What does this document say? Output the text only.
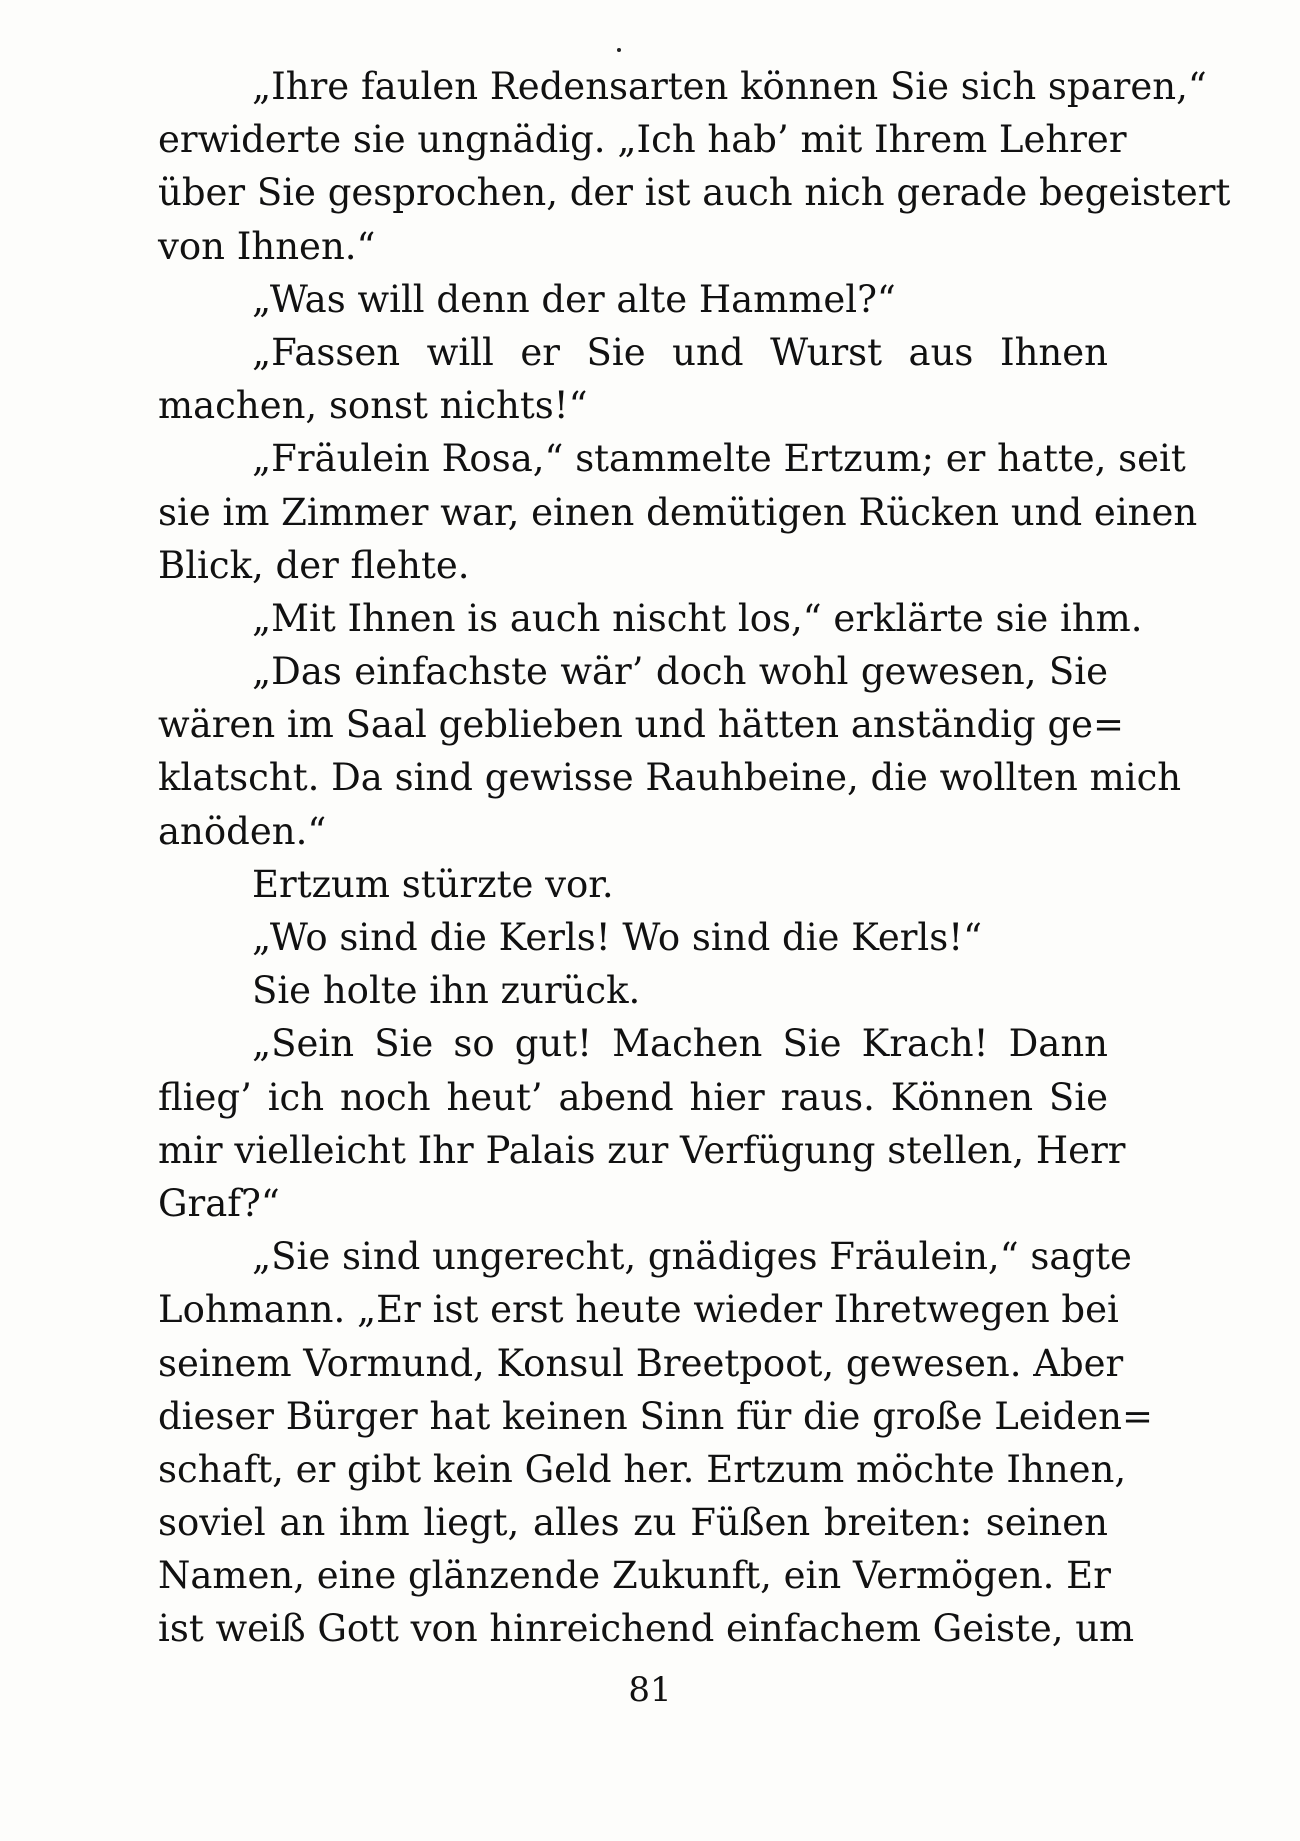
„Ihre faulen Redensarten können Sie sich sparen,“
erwiderte sie ungnädig. „Ich hab’ mit Ihrem Lehrer
über Sie gesprochen, der ist auch nich gerade begeistert
von Ihnen.“
„Was will denn der alte Hammel?“
„Fassen will er Sie und Wurst aus Ihnen
machen, sonst nichts!“
„Fräulein Rosa,“ stammelte Ertzum; er hatte, seit
sie im Zimmer war, einen demütigen Rücken und einen
Blick, der flehte.
„Mit Ihnen is auch nischt los,“ erklärte sie ihm.
„Das einfachste wär’ doch wohl gewesen, Sie
wären im Saal geblieben und hätten anständig ge=
klatscht. Da sind gewisse Rauhbeine, die wollten mich
anöden.“
Ertzum stürzte vor.
„Wo sind die Kerls! Wo sind die Kerls!“
Sie holte ihn zurück.
„Sein Sie so gut! Machen Sie Krach! Dann
flieg’ ich noch heut’ abend hier raus. Können Sie
mir vielleicht Ihr Palais zur Verfügung stellen, Herr
Graf?“
„Sie sind ungerecht, gnädiges Fräulein,“ sagte
Lohmann. „Er ist erst heute wieder Ihretwegen bei
seinem Vormund, Konsul Breetpoot, gewesen. Aber
dieser Bürger hat keinen Sinn für die große Leiden=
schaft, er gibt kein Geld her. Ertzum möchte Ihnen,
soviel an ihm liegt, alles zu Füßen breiten: seinen
Namen, eine glänzende Zukunft, ein Vermögen. Er
ist weiß Gott von hinreichend einfachem Geiste, um
81
